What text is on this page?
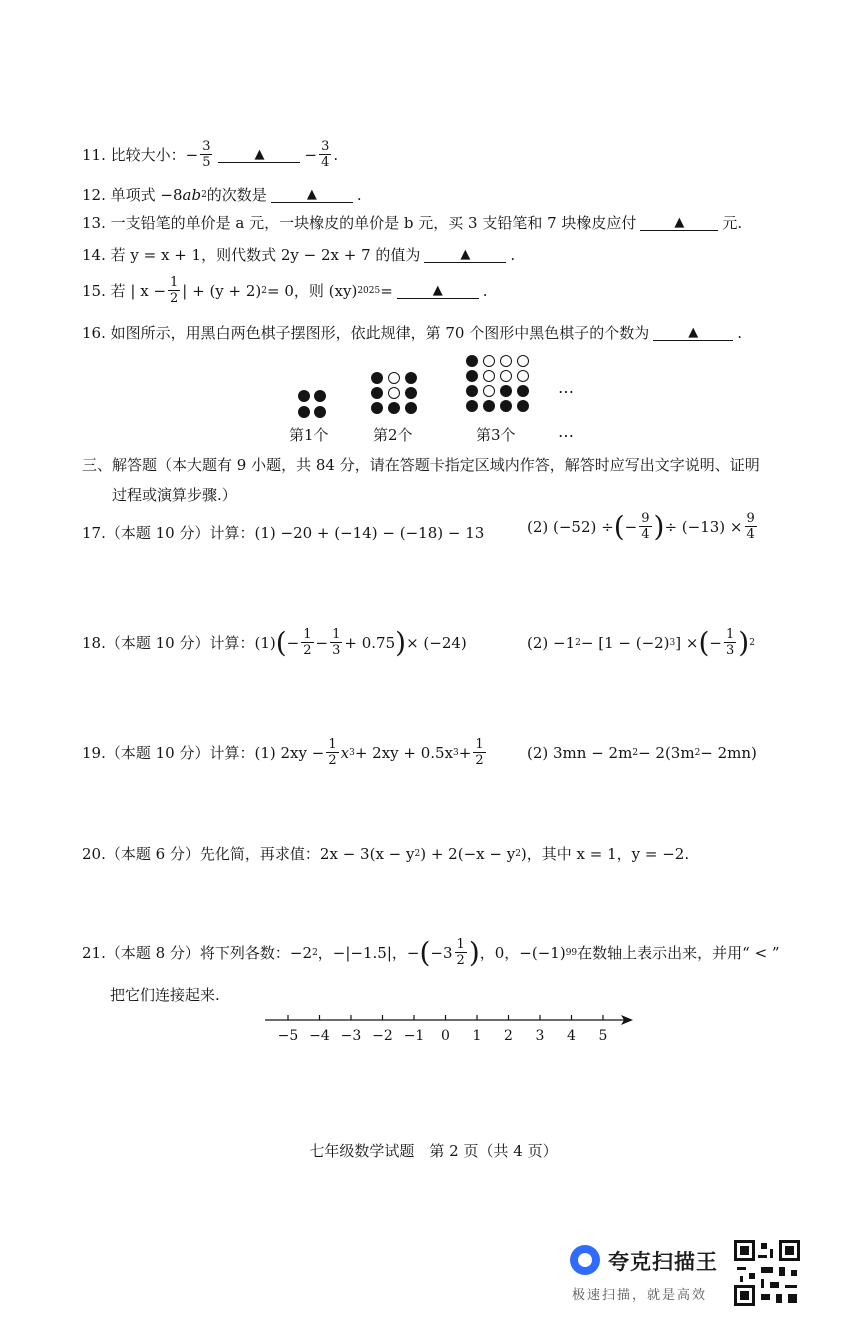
11. 比较大小： − $\frac{3}{5}$	▲	− $\frac{3}{4}$ .
12. 单项式 −8 ab 2 的次数是	▲	.
13. 一支铅笔的单价是 a 元，一块橡皮的单价是 b 元，买 3 支铅笔和 7 块橡皮应付	▲	元.
14. 若 y = x + 1，则代数式 2y − 2x + 7 的值为	▲	.
15. 若 | $x - \frac{1}{2}$ | + (y + 2) 2 = 0，则 (xy) 2025 =	▲	.
16. 如图所示，用黑白两色棋子摆图形，依此规律，第 70 个图形中黑色棋子的个数为	▲	.
第1个	第2个	第3个
…
…
三、解答题（本大题有 9 小题，共 84 分，请在答题卡指定区域内作答，解答时应写出文字说明、证明
过程或演算步骤.）
17.（本题 10 分）计算： (1) −20 + (−14) − (−18) − 13	(2) (−52) ÷ ( − $\frac{9}{4}$ ) ÷ $(-13) \times \frac{9}{4}$
18.（本题 10 分）计算： (1) ( − $\frac{1}{2} - \frac{1}{3} + 0.75$ ) × (−24)	(2) −1 2 − [1 − (−2) 3 ] × ( − $\frac{1}{3}$ ) 2
19.（本题 10 分）计算： (1) $2xy - \frac{1}{2}$ x 3 + 2xy + 0.5x $3 + \frac{1}{2}$	(2) 3mn − 2m 2 − 2(3m 2 − 2mn)
20.（本题 6 分）先化简，再求值：2x − 3(x − y 2 ) + 2(−x − y 2 )，其中 x = 1，y = −2.
21.（本题 8 分）将下列各数：−2 2 ，−|−1.5|，− ( $-3 \frac{1}{2}$ ) ，0，−(−1) 99 在数轴上表示出来，并用“ < ”
把它们连接起来.
−5 −4 −3 −2 −1 0 1 2 3 4 5
七年级数学试题　第 2 页（共 4 页）
夸克扫描王
极速扫描，就是高效
